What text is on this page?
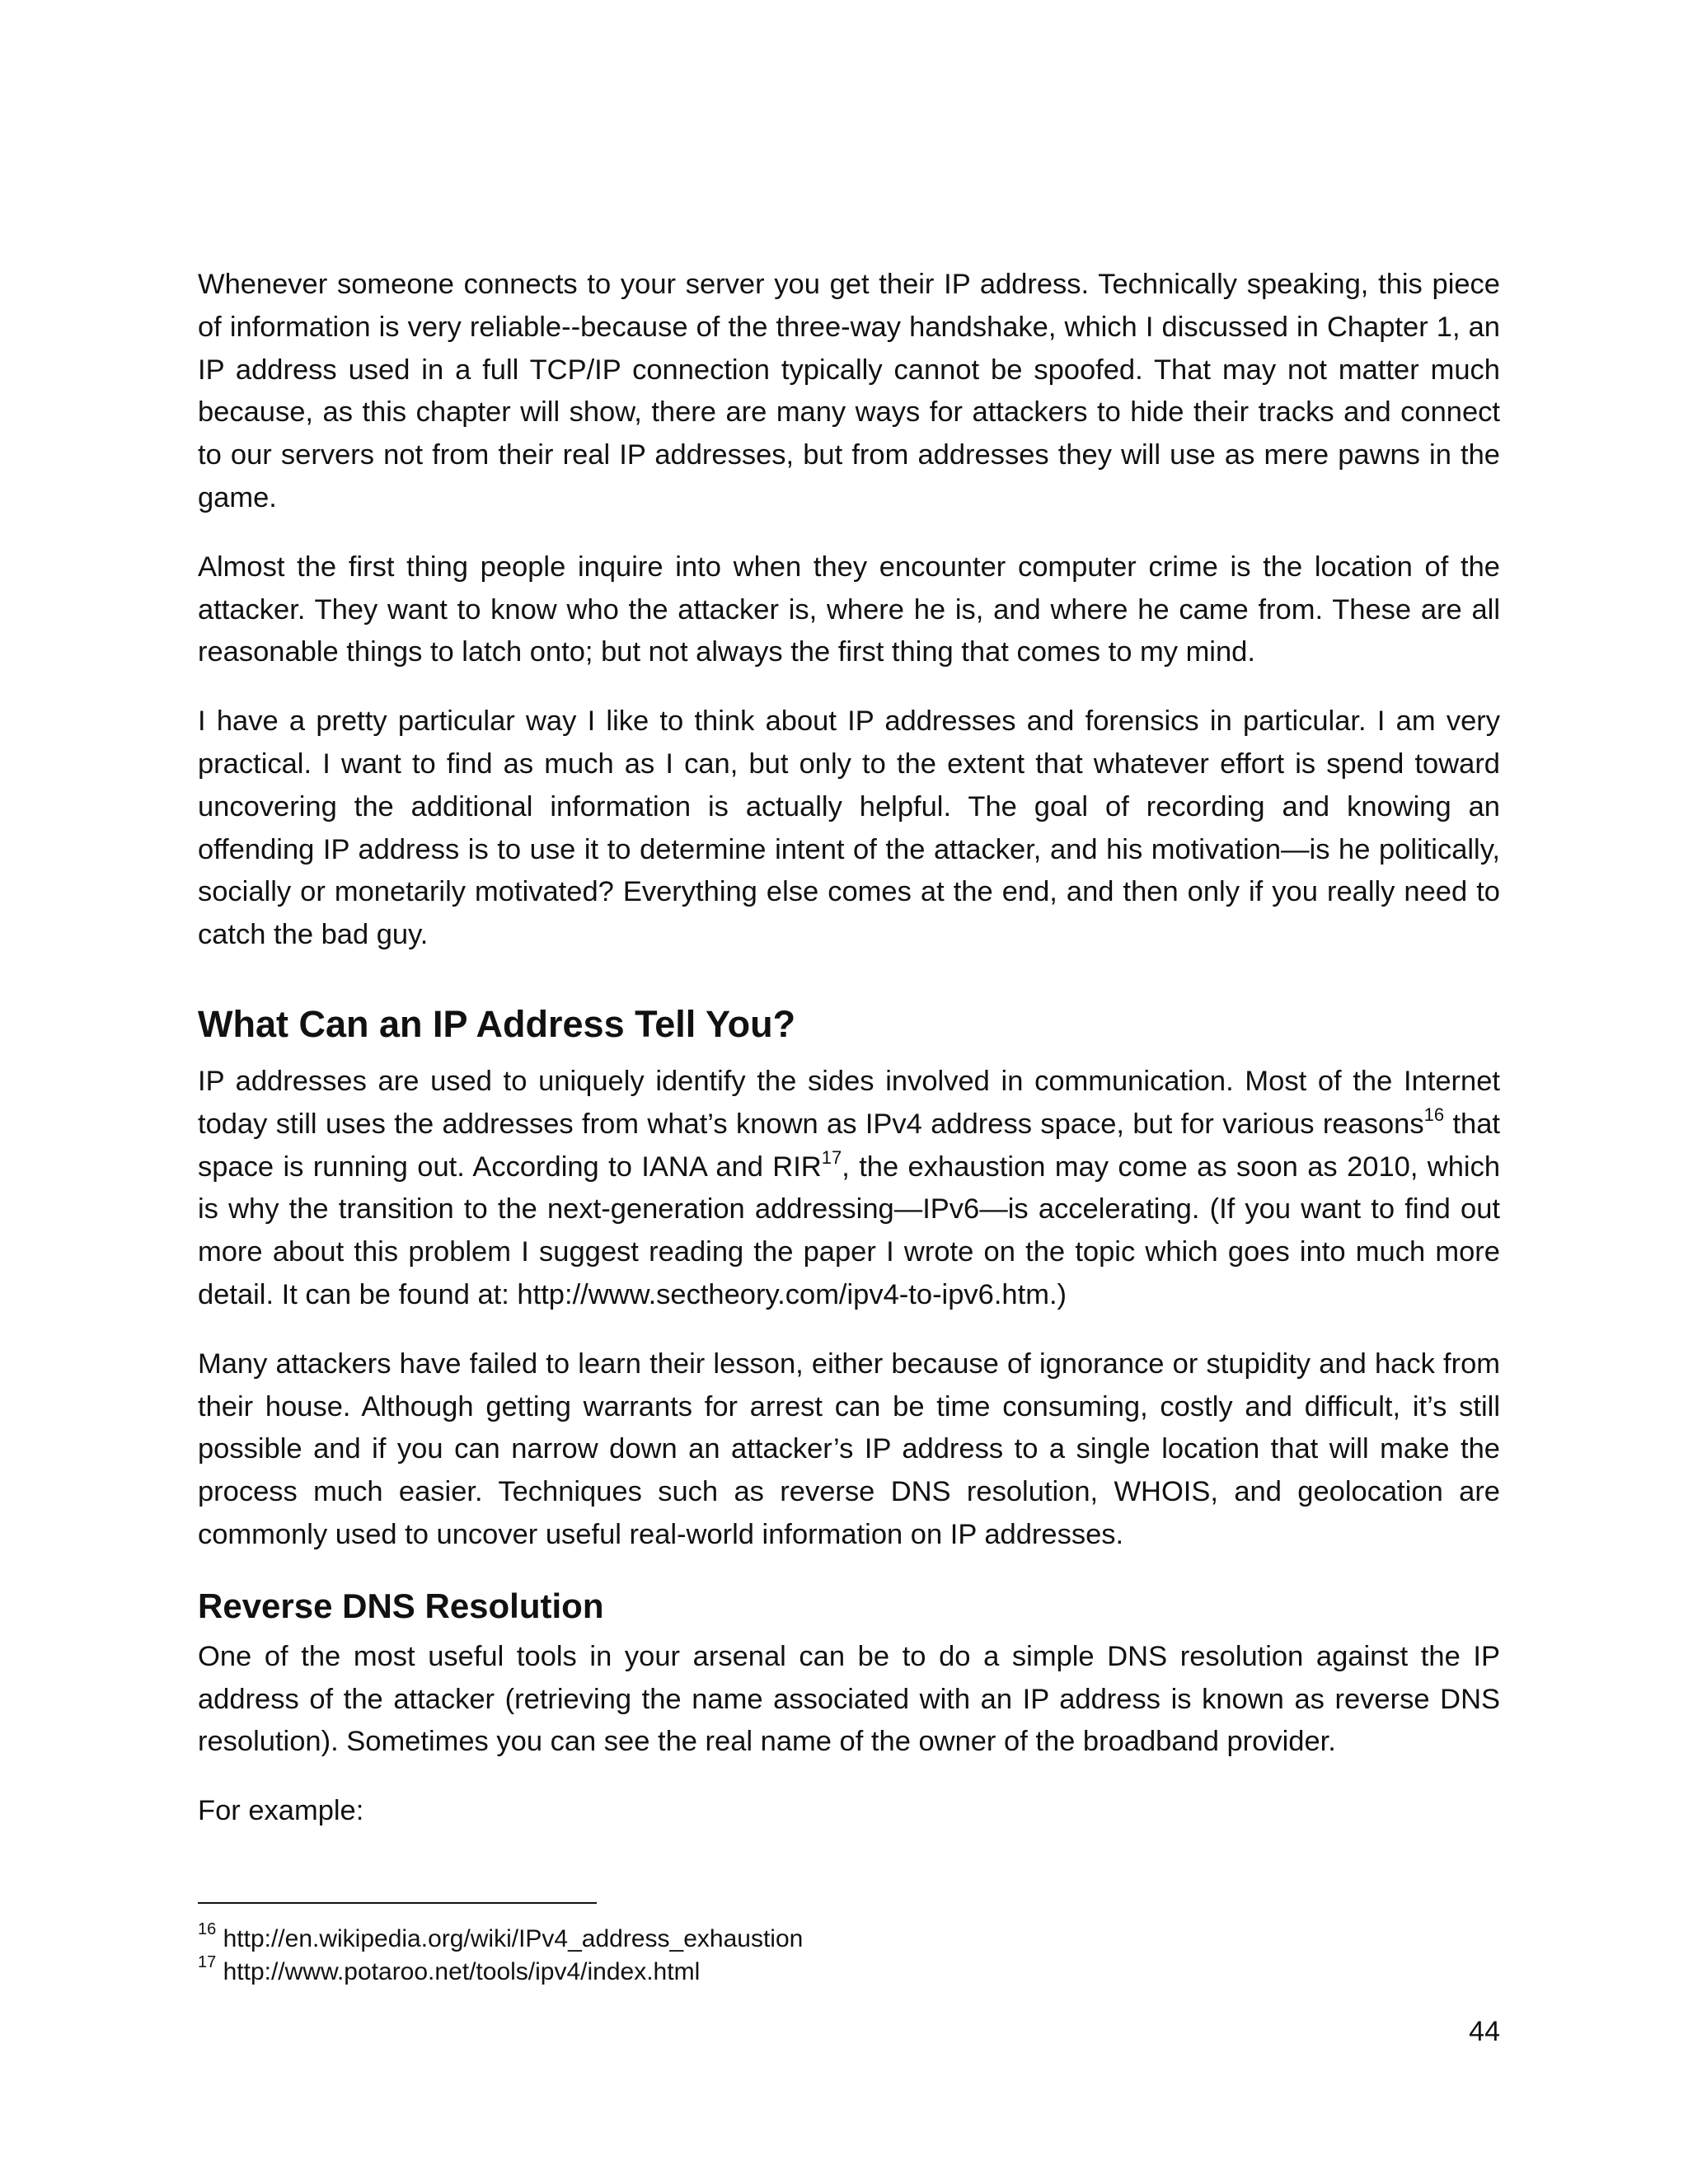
Whenever someone connects to your server you get their IP address. Technically speaking, this piece of information is very reliable--because of the three-way handshake, which I discussed in Chapter 1, an IP address used in a full TCP/IP connection typically cannot be spoofed. That may not matter much because, as this chapter will show, there are many ways for attackers to hide their tracks and connect to our servers not from their real IP addresses, but from addresses they will use as mere pawns in the game.

Almost the first thing people inquire into when they encounter computer crime is the location of the attacker. They want to know who the attacker is, where he is, and where he came from. These are all reasonable things to latch onto; but not always the first thing that comes to my mind.

I have a pretty particular way I like to think about IP addresses and forensics in particular. I am very practical. I want to find as much as I can, but only to the extent that whatever effort is spend toward uncovering the additional information is actually helpful. The goal of recording and knowing an offending IP address is to use it to determine intent of the attacker, and his motivation—is he politically, socially or monetarily motivated? Everything else comes at the end, and then only if you really need to catch the bad guy.

What Can an IP Address Tell You?

IP addresses are used to uniquely identify the sides involved in communication. Most of the Internet today still uses the addresses from what’s known as IPv4 address space, but for various reasons$^{16}$ that space is running out. According to IANA and RIR$^{17}$, the exhaustion may come as soon as 2010, which is why the transition to the next-generation addressing—IPv6—is accelerating. (If you want to find out more about this problem I suggest reading the paper I wrote on the topic which goes into much more detail. It can be found at: http://www.sectheory.com/ipv4-to-ipv6.htm.)

Many attackers have failed to learn their lesson, either because of ignorance or stupidity and hack from their house. Although getting warrants for arrest can be time consuming, costly and difficult, it’s still possible and if you can narrow down an attacker’s IP address to a single location that will make the process much easier. Techniques such as reverse DNS resolution, WHOIS, and geolocation are commonly used to uncover useful real-world information on IP addresses.

Reverse DNS Resolution

One of the most useful tools in your arsenal can be to do a simple DNS resolution against the IP address of the attacker (retrieving the name associated with an IP address is known as reverse DNS resolution). Sometimes you can see the real name of the owner of the broadband provider.

For example:

$^{16}$ http://en.wikipedia.org/wiki/IPv4_address_exhaustion

$^{17}$ http://www.potaroo.net/tools/ipv4/index.html

44
